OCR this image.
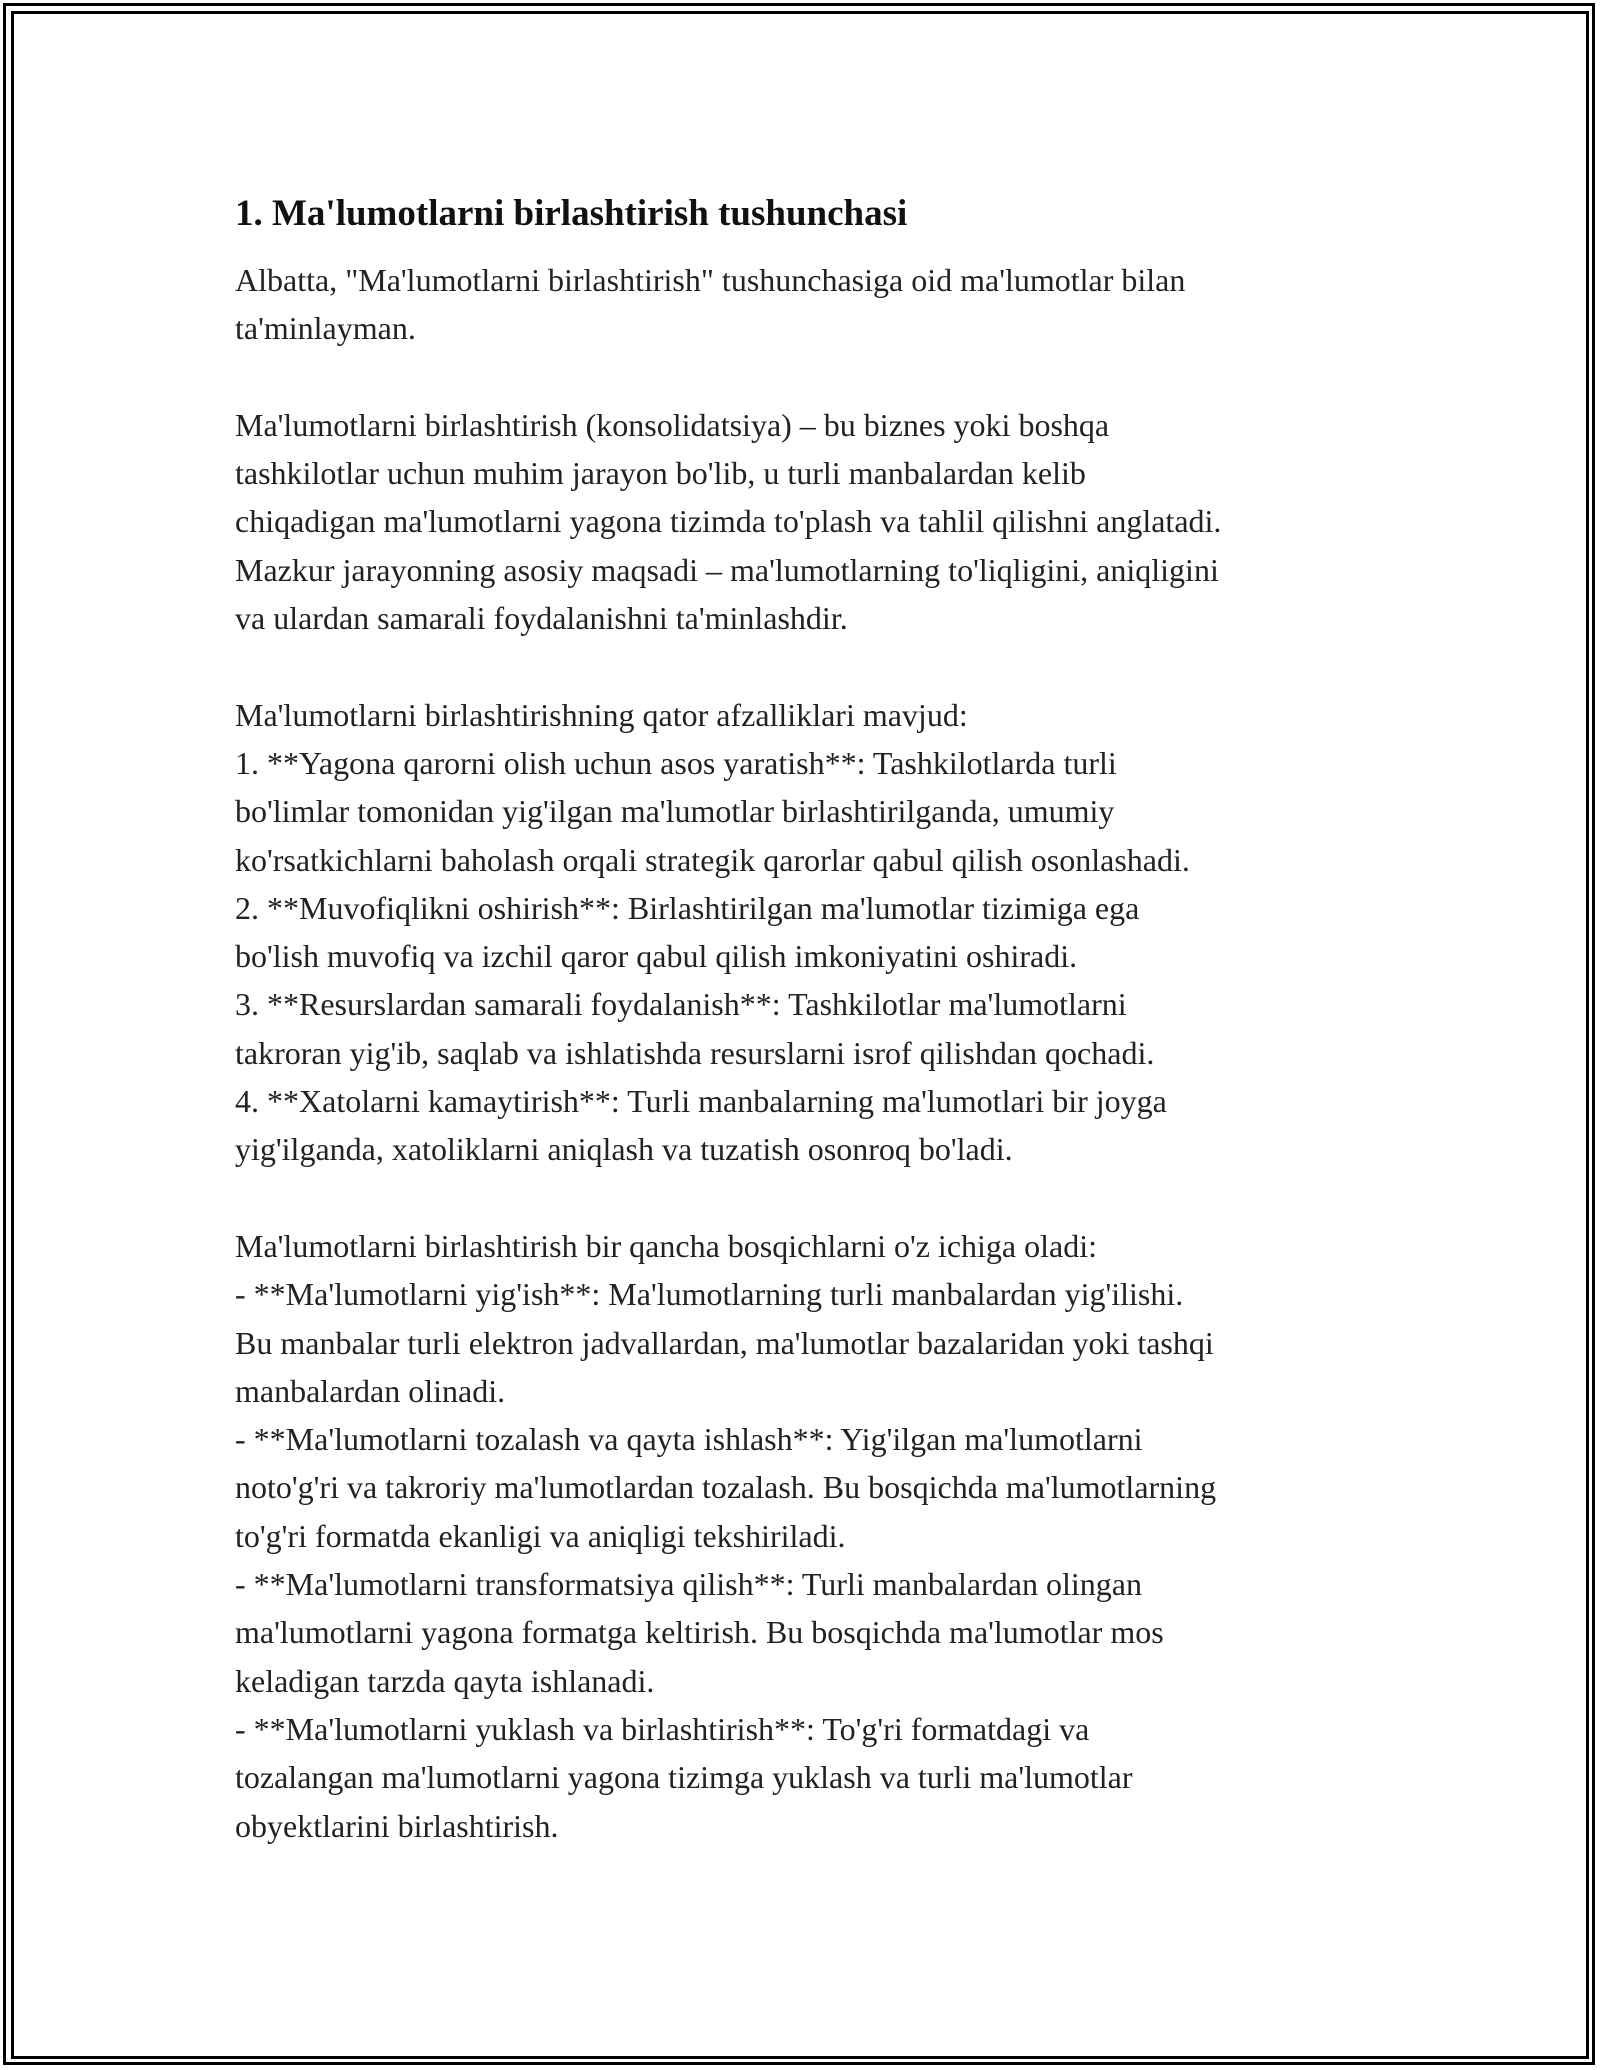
1. Ma'lumotlarni birlashtirish tushunchasi

Albatta, "Ma'lumotlarni birlashtirish" tushunchasiga oid ma'lumotlar bilan
ta'minlayman.

Ma'lumotlarni birlashtirish (konsolidatsiya) – bu biznes yoki boshqa
tashkilotlar uchun muhim jarayon bo'lib, u turli manbalardan kelib
chiqadigan ma'lumotlarni yagona tizimda to'plash va tahlil qilishni anglatadi.
Mazkur jarayonning asosiy maqsadi – ma'lumotlarning to'liqligini, aniqligini
va ulardan samarali foydalanishni ta'minlashdir.

Ma'lumotlarni birlashtirishning qator afzalliklari mavjud:
1. **Yagona qarorni olish uchun asos yaratish**: Tashkilotlarda turli
bo'limlar tomonidan yig'ilgan ma'lumotlar birlashtirilganda, umumiy
ko'rsatkichlarni baholash orqali strategik qarorlar qabul qilish osonlashadi.
2. **Muvofiqlikni oshirish**: Birlashtirilgan ma'lumotlar tizimiga ega
bo'lish muvofiq va izchil qaror qabul qilish imkoniyatini oshiradi.
3. **Resurslardan samarali foydalanish**: Tashkilotlar ma'lumotlarni
takroran yig'ib, saqlab va ishlatishda resurslarni isrof qilishdan qochadi.
4. **Xatolarni kamaytirish**: Turli manbalarning ma'lumotlari bir joyga
yig'ilganda, xatoliklarni aniqlash va tuzatish osonroq bo'ladi.

Ma'lumotlarni birlashtirish bir qancha bosqichlarni o'z ichiga oladi:
- **Ma'lumotlarni yig'ish**: Ma'lumotlarning turli manbalardan yig'ilishi.
Bu manbalar turli elektron jadvallardan, ma'lumotlar bazalaridan yoki tashqi
manbalardan olinadi.
- **Ma'lumotlarni tozalash va qayta ishlash**: Yig'ilgan ma'lumotlarni
noto'g'ri va takroriy ma'lumotlardan tozalash. Bu bosqichda ma'lumotlarning
to'g'ri formatda ekanligi va aniqligi tekshiriladi.
- **Ma'lumotlarni transformatsiya qilish**: Turli manbalardan olingan
ma'lumotlarni yagona formatga keltirish. Bu bosqichda ma'lumotlar mos
keladigan tarzda qayta ishlanadi.
- **Ma'lumotlarni yuklash va birlashtirish**: To'g'ri formatdagi va
tozalangan ma'lumotlarni yagona tizimga yuklash va turli ma'lumotlar
obyektlarini birlashtirish.
